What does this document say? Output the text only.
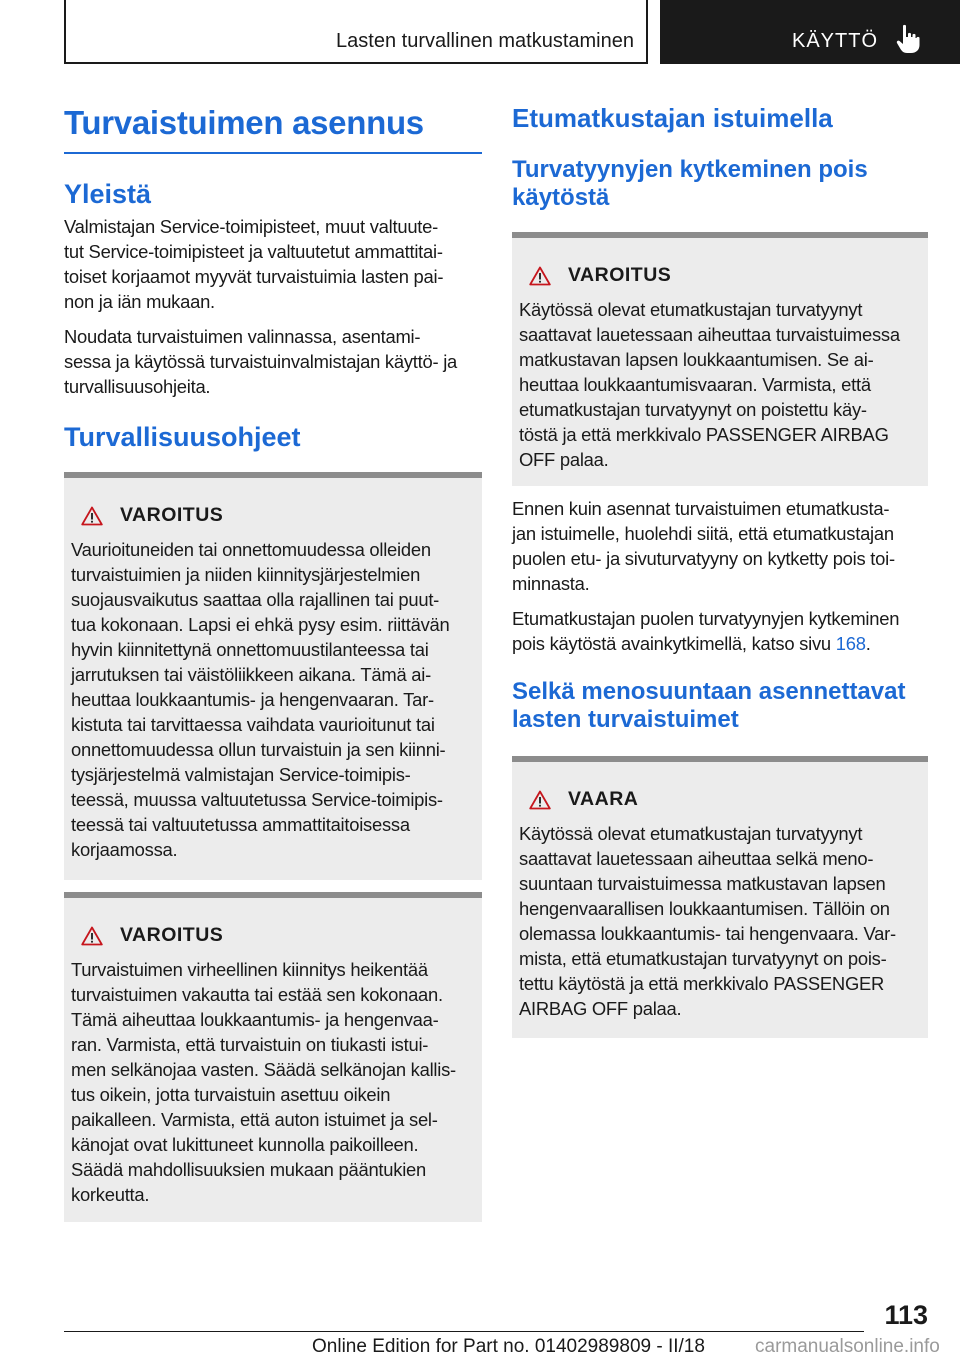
Lasten turvallinen matkustaminen	KÄYTTÖ
Turvaistuimen asennus
Yleistä

Valmistajan Service-toimipisteet, muut valtuute-
tut Service-toimipisteet ja valtuutetut ammattitai-
toiset korjaamot myyvät turvaistuimia lasten pai-
non ja iän mukaan.

Noudata turvaistuimen valinnassa, asentami-
sessa ja käytössä turvaistuinvalmistajan käyttö- ja
turvallisuusohjeita.

Turvallisuusohjeet
VAROITUS

Vaurioituneiden tai onnettomuudessa olleiden
turvaistuimien ja niiden kiinnitysjärjestelmien
suojausvaikutus saattaa olla rajallinen tai puut-
tua kokonaan. Lapsi ei ehkä pysy esim. riittävän
hyvin kiinnitettynä onnettomuustilanteessa tai
jarrutuksen tai väistöliikkeen aikana. Tämä ai-
heuttaa loukkaantumis- ja hengenvaaran. Tar-
kistuta tai tarvittaessa vaihdata vaurioitunut tai
onnettomuudessa ollun turvaistuin ja sen kiinni-
tysjärjestelmä valmistajan Service-toimipis-
teessä, muussa valtuutetussa Service-toimipis-
teessä tai valtuutetussa ammattitaitoisessa
korjaamossa.

VAROITUS

Turvaistuimen virheellinen kiinnitys heikentää
turvaistuimen vakautta tai estää sen kokonaan.
Tämä aiheuttaa loukkaantumis- ja hengenvaa-
ran. Varmista, että turvaistuin on tiukasti istui-
men selkänojaa vasten. Säädä selkänojan kallis-
tus oikein, jotta turvaistuin asettuu oikein
paikalleen. Varmista, että auton istuimet ja sel-
känojat ovat lukittuneet kunnolla paikoilleen.
Säädä mahdollisuuksien mukaan pääntukien
korkeutta.

Etumatkustajan istuimella
Turvatyynyjen kytkeminen pois
käytöstä
VAROITUS

Käytössä olevat etumatkustajan turvatyynyt
saattavat lauetessaan aiheuttaa turvaistuimessa
matkustavan lapsen loukkaantumisen. Se ai-
heuttaa loukkaantumisvaaran. Varmista, että
etumatkustajan turvatyynyt on poistettu käy-
töstä ja että merkkivalo PASSENGER AIRBAG
OFF palaa.

Ennen kuin asennat turvaistuimen etumatkusta-
jan istuimelle, huolehdi siitä, että etumatkustajan
puolen etu- ja sivuturvatyyny on kytketty pois toi-
minnasta.

Etumatkustajan puolen turvatyynyjen kytkeminen
pois käytöstä avainkytkimellä, katso sivu 168.

Selkä menosuuntaan asennettavat
lasten turvaistuimet
VAARA

Käytössä olevat etumatkustajan turvatyynyt
saattavat lauetessaan aiheuttaa selkä meno-
suuntaan turvaistuimessa matkustavan lapsen
hengenvaarallisen loukkaantumisen. Tällöin on
olemassa loukkaantumis- tai hengenvaara. Var-
mista, että etumatkustajan turvatyynyt on pois-
tettu käytöstä ja että merkkivalo PASSENGER
AIRBAG OFF palaa.

113
Online Edition for Part no. 01402989809 - II/18	carmanualsonline.info
